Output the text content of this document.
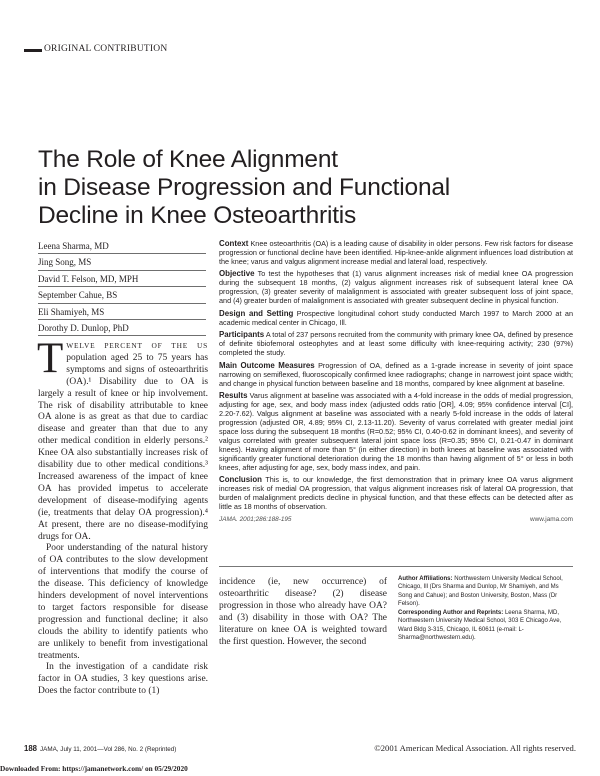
ORIGINAL CONTRIBUTION
The Role of Knee Alignment
in Disease Progression and Functional
Decline in Knee Osteoarthritis
Leena Sharma, MD
Jing Song, MS
David T. Felson, MD, MPH
September Cahue, BS
Eli Shamiyeh, MS
Dorothy D. Dunlop, PhD

TWELVE PERCENT OF THE US population aged 25 to 75 years has symptoms and signs of osteoarthritis (OA).¹ Disability due to OA is largely a result of knee or hip involvement. The risk of disability attributable to knee OA alone is as great as that due to cardiac disease and greater than that due to any other medical condition in elderly persons.² Knee OA also substantially increases risk of disability due to other medical conditions.³ Increased awareness of the impact of knee OA has provided impetus to accelerate development of disease-modifying agents (ie, treatments that delay OA progression).⁴ At present, there are no disease-modifying drugs for OA.

Poor understanding of the natural history of OA contributes to the slow development of interventions that modify the course of the disease. This deficiency of knowledge hinders development of novel interventions to target factors responsible for disease progression and functional decline; it also clouds the ability to identify patients who are unlikely to benefit from investigational treatments.

In the investigation of a candidate risk factor in OA studies, 3 key questions arise. Does the factor contribute to (1)

Context Knee osteoarthritis (OA) is a leading cause of disability in older persons. Few risk factors for disease progression or functional decline have been identified. Hip-knee-ankle alignment influences load distribution at the knee; varus and valgus alignment increase medial and lateral load, respectively.
Objective To test the hypotheses that (1) varus alignment increases risk of medial knee OA progression during the subsequent 18 months, (2) valgus alignment increases risk of subsequent lateral knee OA progression, (3) greater severity of malalignment is associated with greater subsequent loss of joint space, and (4) greater burden of malalignment is associated with greater subsequent decline in physical function.
Design and Setting Prospective longitudinal cohort study conducted March 1997 to March 2000 at an academic medical center in Chicago, Ill.
Participants A total of 237 persons recruited from the community with primary knee OA, defined by presence of definite tibiofemoral osteophytes and at least some difficulty with knee-requiring activity; 230 (97%) completed the study.
Main Outcome Measures Progression of OA, defined as a 1-grade increase in severity of joint space narrowing on semiflexed, fluoroscopically confirmed knee radiographs; change in narrowest joint space width; and change in physical function between baseline and 18 months, compared by knee alignment at baseline.
Results Varus alignment at baseline was associated with a 4-fold increase in the odds of medial progression, adjusting for age, sex, and body mass index (adjusted odds ratio [OR], 4.09; 95% confidence interval [CI], 2.20-7.62). Valgus alignment at baseline was associated with a nearly 5-fold increase in the odds of lateral progression (adjusted OR, 4.89; 95% CI, 2.13-11.20). Severity of varus correlated with greater medial joint space loss during the subsequent 18 months (R=0.52; 95% CI, 0.40-0.62 in dominant knees), and severity of valgus correlated with greater subsequent lateral joint space loss (R=0.35; 95% CI, 0.21-0.47 in dominant knees). Having alignment of more than 5° (in either direction) in both knees at baseline was associated with significantly greater functional deterioration during the 18 months than having alignment of 5° or less in both knees, after adjusting for age, sex, body mass index, and pain.
Conclusion This is, to our knowledge, the first demonstration that in primary knee OA varus alignment increases risk of medial OA progression, that valgus alignment increases risk of lateral OA progression, that burden of malalignment predicts decline in physical function, and that these effects can be detected after as little as 18 months of observation.
JAMA. 2001;286:188-195	www.jama.com

incidence (ie, new occurrence) of osteoarthritic disease? (2) disease progression in those who already have OA? and (3) disability in those with OA? The literature on knee OA is weighted toward the first question. However, the second

Author Affiliations: Northwestern University Medical School, Chicago, Ill (Drs Sharma and Dunlop, Mr Shamiyeh, and Ms Song and Cahue); and Boston University, Boston, Mass (Dr Felson).

Corresponding Author and Reprints: Leena Sharma, MD, Northwestern University Medical School, 303 E Chicago Ave, Ward Bldg 3-315, Chicago, IL 60611 (e-mail: L-Sharma@northwestern.edu).

188 JAMA, July 11, 2001—Vol 286, No. 2 (Reprinted)	©2001 American Medical Association. All rights reserved.
Downloaded From: https://jamanetwork.com/ on 05/29/2020
